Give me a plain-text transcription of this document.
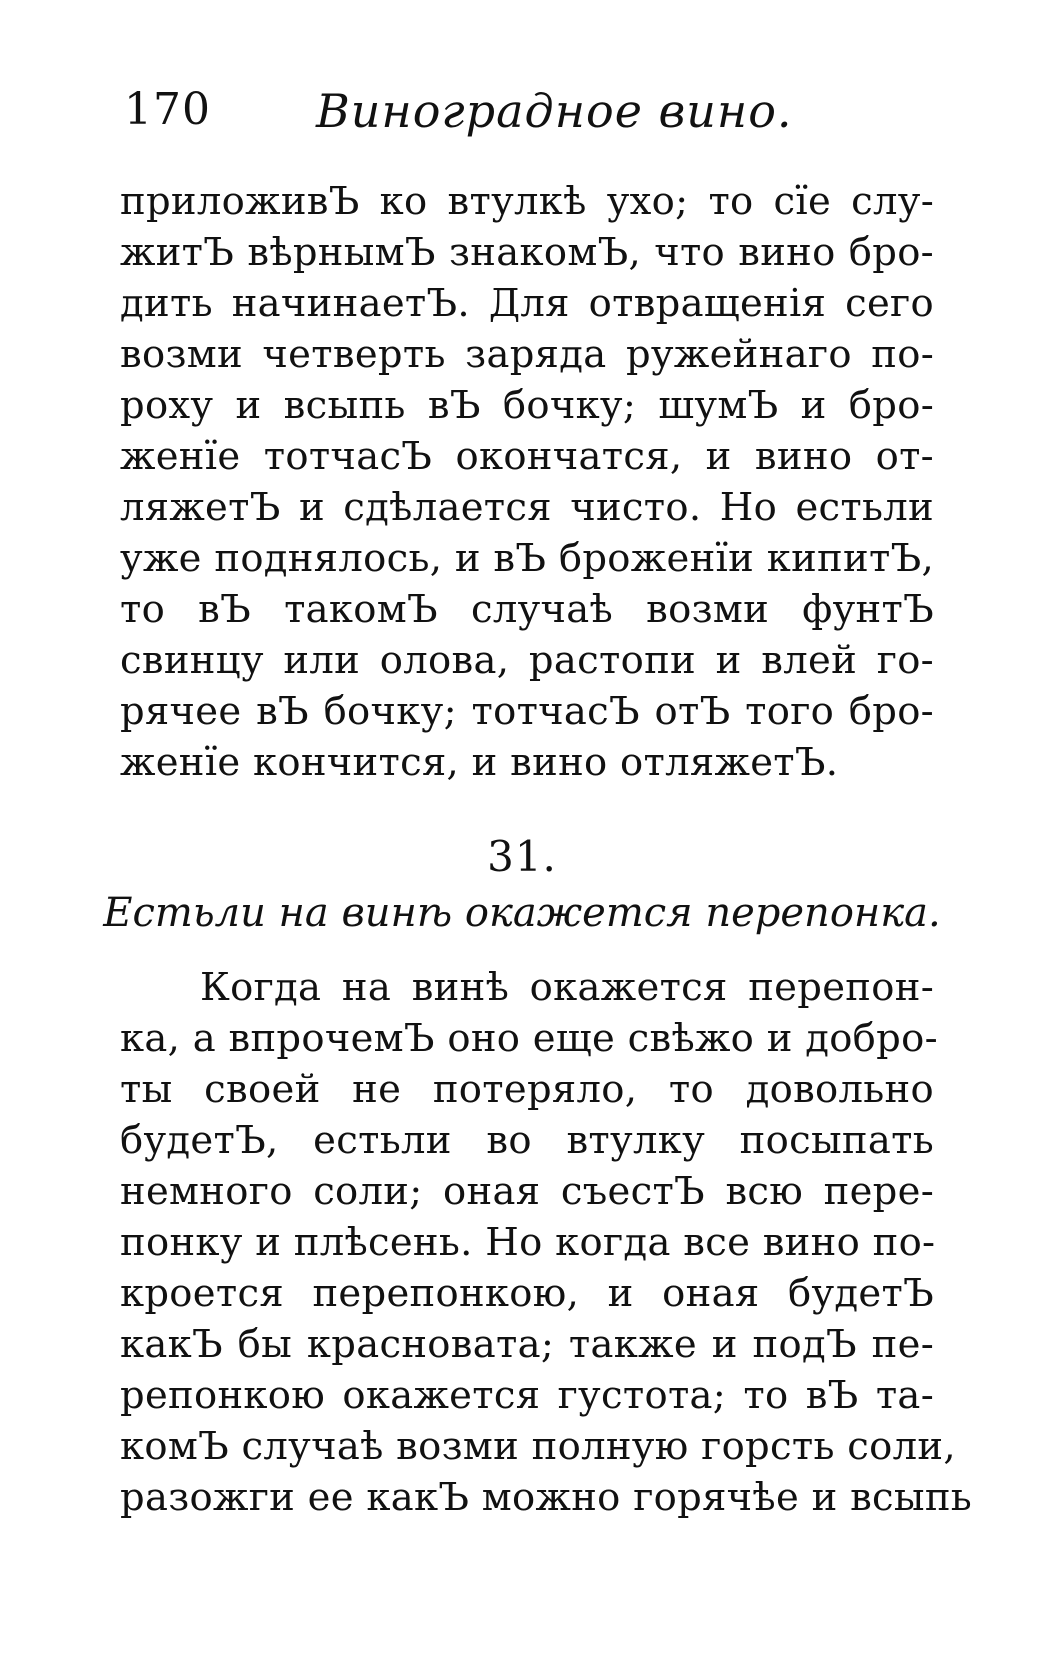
170 Виноградное вино.
приложивЪ ко втулкѣ ухо; то сїе слу-
житЪ вѣрнымЪ знакомЪ, что вино бро-
дить начинаетЪ. Для отвращенія сего
возми четверть заряда ружейнаго по-
роху и всыпь вЪ бочку; шумЪ и бро-
женїе тотчасЪ окончатся, и вино от-
ляжетЪ и сдѣлается чисто. Но естьли
уже поднялось, и вЪ броженїи кипитЪ,
то вЪ такомЪ случаѣ возми фунтЪ
свинцу или олова, растопи и влей го-
рячее вЪ бочку; тотчасЪ отЪ того бро-
женїе кончится, и вино отляжетЪ.
31.
Естьли на винѣ окажется перепонка.
Когда на винѣ окажется перепон-
ка, а впрочемЪ оно еще свѣжо и добро-
ты своей не потеряло, то довольно
будетЪ, естьли во втулку посыпать
немного соли; оная съестЪ всю пере-
понку и плѣсень. Но когда все вино по-
кроется перепонкою, и оная будетЪ
какЪ бы красновата; также и подЪ пе-
репонкою окажется густота; то вЪ та-
комЪ случаѣ возми полную горсть соли,
разожги ее какЪ можно горячѣе и всыпь
